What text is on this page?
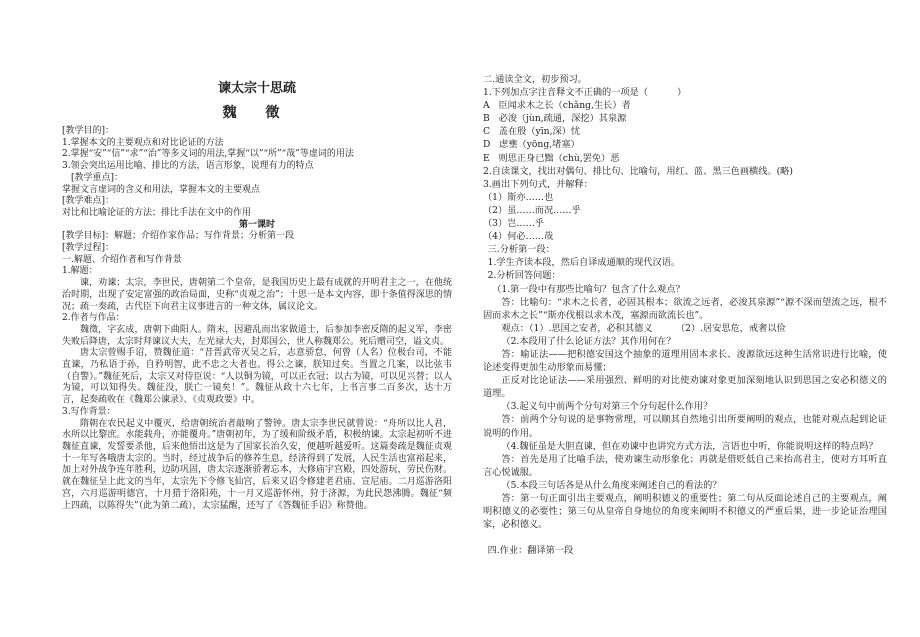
谏太宗十思疏
魏 徵

[教学目的]：

1.掌握本文的主要观点和对比论证的方法

2.掌握“安”“信”“求”“治”等多义词的用法,掌握“以”“所”“哉”等虚词的用法

3.领会突出运用比喻、排比的方法，语言形象，说理有力的特点

[教学重点]：

掌握文言虚词的含义和用法，掌握本文的主要观点

[教学难点]：

对比和比喻论证的方法；排比手法在文中的作用

第一课时

[教学目标]：解题；介绍作家作品；写作背景；分析第一段

[教学过程]：

一.解题、介绍作者和写作背景

1.解题：

谏，劝谏；太宗，李世民，唐朝第二个皇帝，是我国历史上最有成就的开明君主之一，在他统治时期，出现了安定富强的政治局面，史称“贞观之治”；十思一是本文内容，即十条值得深思的情况；疏一奏疏，古代臣下向君主议事进言的一种文体，属议论文。

2.作者与作品：

魏徵，字玄成，唐朝下曲阳人。隋末，因避乱而出家做道士，后参加李密反隋的起义军，李密失败后降唐，太宗时拜谏议大夫，左光禄大夫，封郑国公，世人称魏郑公。死后赠司空，谥文贞。

唐太宗曾赐手诏，赞魏征道：“昔晋武帝灭吴之后，志意骄怠，何曾（人名）位极台司，不能直谏，乃私语于孙，自矜明智，此不忠之大者也。得公之谏，朕知过矣。当置之几案，以比弦韦（自警）。”魏征死后，太宗又对侍臣说：“人以铜为镜，可以正衣冠；以古为镜，可以见兴替；以人为镜，可以知得失。魏征没，朕亡一镜矣！”。魏征从政十六七年，上书言事二百多次，达十万言，起奏疏收在《魏郑公谏录》、《贞观政要》中。

3.写作背景：

隋朝在农民起义中覆灭，给唐朝统治者敲响了警钟。唐太宗李世民就曾说：“舟所以比人君，水所以比黎庶。水能载舟，亦能覆舟。”唐朝初年，为了缓和阶级矛盾，积极纳谏。太宗起初听不进魏征直谏，发誓要杀他，后来他悟出这是为了国家长治久安，便越听越爱听。这篇奏疏是魏征贞观十一年写各哦唐太宗的。当时，经过战争后的修养生息，经济得到了发展，人民生活也富裕起来，加上对外战争连年胜利，边防巩固，唐太宗逐渐骄奢忘本，大修庙宇宫殿，四处游玩，劳民伤财。就在魏征呈上此文的当年，太宗先下令修飞仙宫，后来又诏令修建老君庙、宣尼庙。二月巡游洛阳宫，六月巡游明德宫，十月猎于洛阳苑，十一月又巡游怀州，狩于济源，为此民怨沸腾。魏征“频上四疏，以陈得失”（此为第二疏），太宗猛醒，还写了《答魏征手诏》称赞他。

二.通读全文，初步预习。

1.下列加点字注音释文不正确的一项是（          ）

A   臣闻求木之长（chǎng,生长）者

B   必浚（jùn,疏通，深挖）其泉源

C   盖在殷（yīn,深）忧

D   虑壅（yōng,堵塞）

E   则思正身已黜（chù,罢免）恶

2.自读课文，找出对偶句、排比句、比喻句，用红、蓝、黑三色画横线。(略)

3.画出下列句式，并解释：

（1）斯亦……也

（2）虽……而况……乎

（3）岂……乎

（4）何必……哉

三.分析第一段：

1.学生齐读本段，然后自译成通顺的现代汉语。

2.分析回答问题：

（1.第一段中有那些比喻句？包含了什么观点？

答：比喻句：“求木之长者，必固其根本；欲流之远者，必浚其泉源”“源不深而望流之远，根不固而求木之长”“斯亦伐根以求木茂，塞源而欲流长也”。

观点：（1）.思国之安者，必积其德义        （2）.居安思危，戒奢以俭

（2.本段用了什么论证方法？其作用何在？

答：喻证法——把积德安国这个抽象的道理用固本求长、浚源欲远这种生活常识进行比喻，使论述变得更加生动形象而易懂；

正反对比论证法——采用强烈、鲜明的对比使劝谏对象更加深刻地认识到思国之安必积德义的道理。

（3.起义句中前两个分句对第三个分句起什么作用？

答：前两个分句说的是事物常理，可以顺其自然地引出所要阐明的观点，也能对观点起到论证说明的作用。

（4.魏征虽是大胆直谏，但在劝谏中也讲究方式方法，言语也中听，你能说明这样的特点吗？

答：首先是用了比喻手法，使劝谏生动形象化；再就是借贬低自己来抬高君主，使对方耳听直言心悦诚服。

（5.本段三句话各是从什么角度来阐述自己的看法的？

答：第一句正面引出主要观点，阐明积德义的重要性；第二句从反面论述自己的主要观点，阐明积德义的必要性；第三句从皇帝自身地位的角度来阐明不积德义的严重后果，进一步论证治理国家，必积德义。

四.作业：翻译第一段
